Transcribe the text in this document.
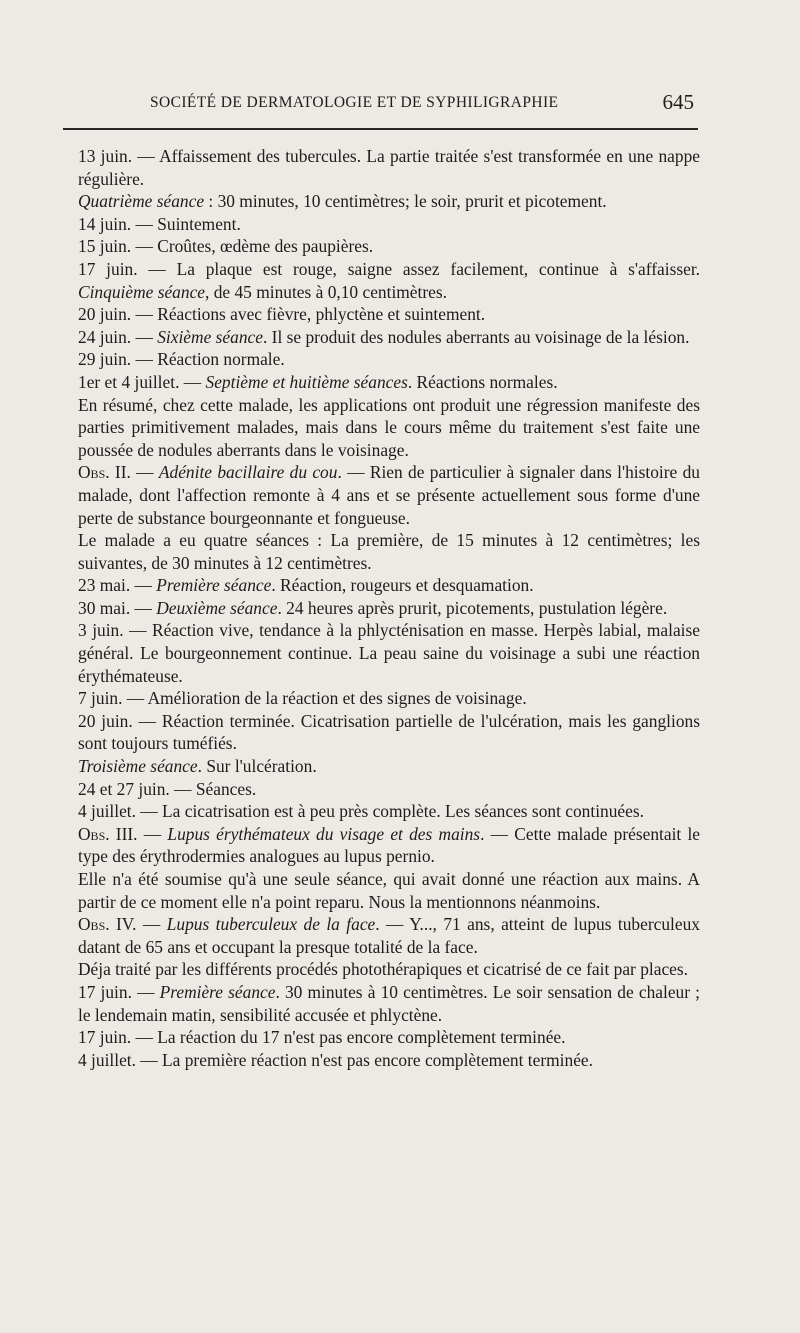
SOCIÉTÉ DE DERMATOLOGIE ET DE SYPHILIGRAPHIE	645

13 juin. — Affaissement des tubercules. La partie traitée s'est transformée en une nappe régulière.

Quatrième séance : 30 minutes, 10 centimètres; le soir, prurit et picotement.

14 juin. — Suintement.

15 juin. — Croûtes, œdème des paupières.

17 juin. — La plaque est rouge, saigne assez facilement, continue à s'affaisser. Cinquième séance, de 45 minutes à 0,10 centimètres.

20 juin. — Réactions avec fièvre, phlyctène et suintement.

24 juin. — Sixième séance. Il se produit des nodules aberrants au voisinage de la lésion.

29 juin. — Réaction normale.

1er et 4 juillet. — Septième et huitième séances. Réactions normales.

En résumé, chez cette malade, les applications ont produit une régression manifeste des parties primitivement malades, mais dans le cours même du traitement s'est faite une poussée de nodules aberrants dans le voisinage.

Obs. II. — Adénite bacillaire du cou. — Rien de particulier à signaler dans l'histoire du malade, dont l'affection remonte à 4 ans et se présente actuellement sous forme d'une perte de substance bourgeonnante et fongueuse.

Le malade a eu quatre séances : La première, de 15 minutes à 12 centimètres; les suivantes, de 30 minutes à 12 centimètres.

23 mai. — Première séance. Réaction, rougeurs et desquamation.

30 mai. — Deuxième séance. 24 heures après prurit, picotements, pustulation légère.

3 juin. — Réaction vive, tendance à la phlycténisation en masse. Herpès labial, malaise général. Le bourgeonnement continue. La peau saine du voisinage a subi une réaction érythémateuse.

7 juin. — Amélioration de la réaction et des signes de voisinage.

20 juin. — Réaction terminée. Cicatrisation partielle de l'ulcération, mais les ganglions sont toujours tuméfiés.

Troisième séance. Sur l'ulcération.

24 et 27 juin. — Séances.

4 juillet. — La cicatrisation est à peu près complète. Les séances sont continuées.

Obs. III. — Lupus érythémateux du visage et des mains. — Cette malade présentait le type des érythrodermies analogues au lupus pernio.

Elle n'a été soumise qu'à une seule séance, qui avait donné une réaction aux mains. A partir de ce moment elle n'a point reparu. Nous la mentionnons néanmoins.

Obs. IV. — Lupus tuberculeux de la face. — Y..., 71 ans, atteint de lupus tuberculeux datant de 65 ans et occupant la presque totalité de la face.

Déja traité par les différents procédés photothérapiques et cicatrisé de ce fait par places.

17 juin. — Première séance. 30 minutes à 10 centimètres. Le soir sensation de chaleur ; le lendemain matin, sensibilité accusée et phlyctène.

17 juin. — La réaction du 17 n'est pas encore complètement terminée.

4 juillet. — La première réaction n'est pas encore complètement terminée.
